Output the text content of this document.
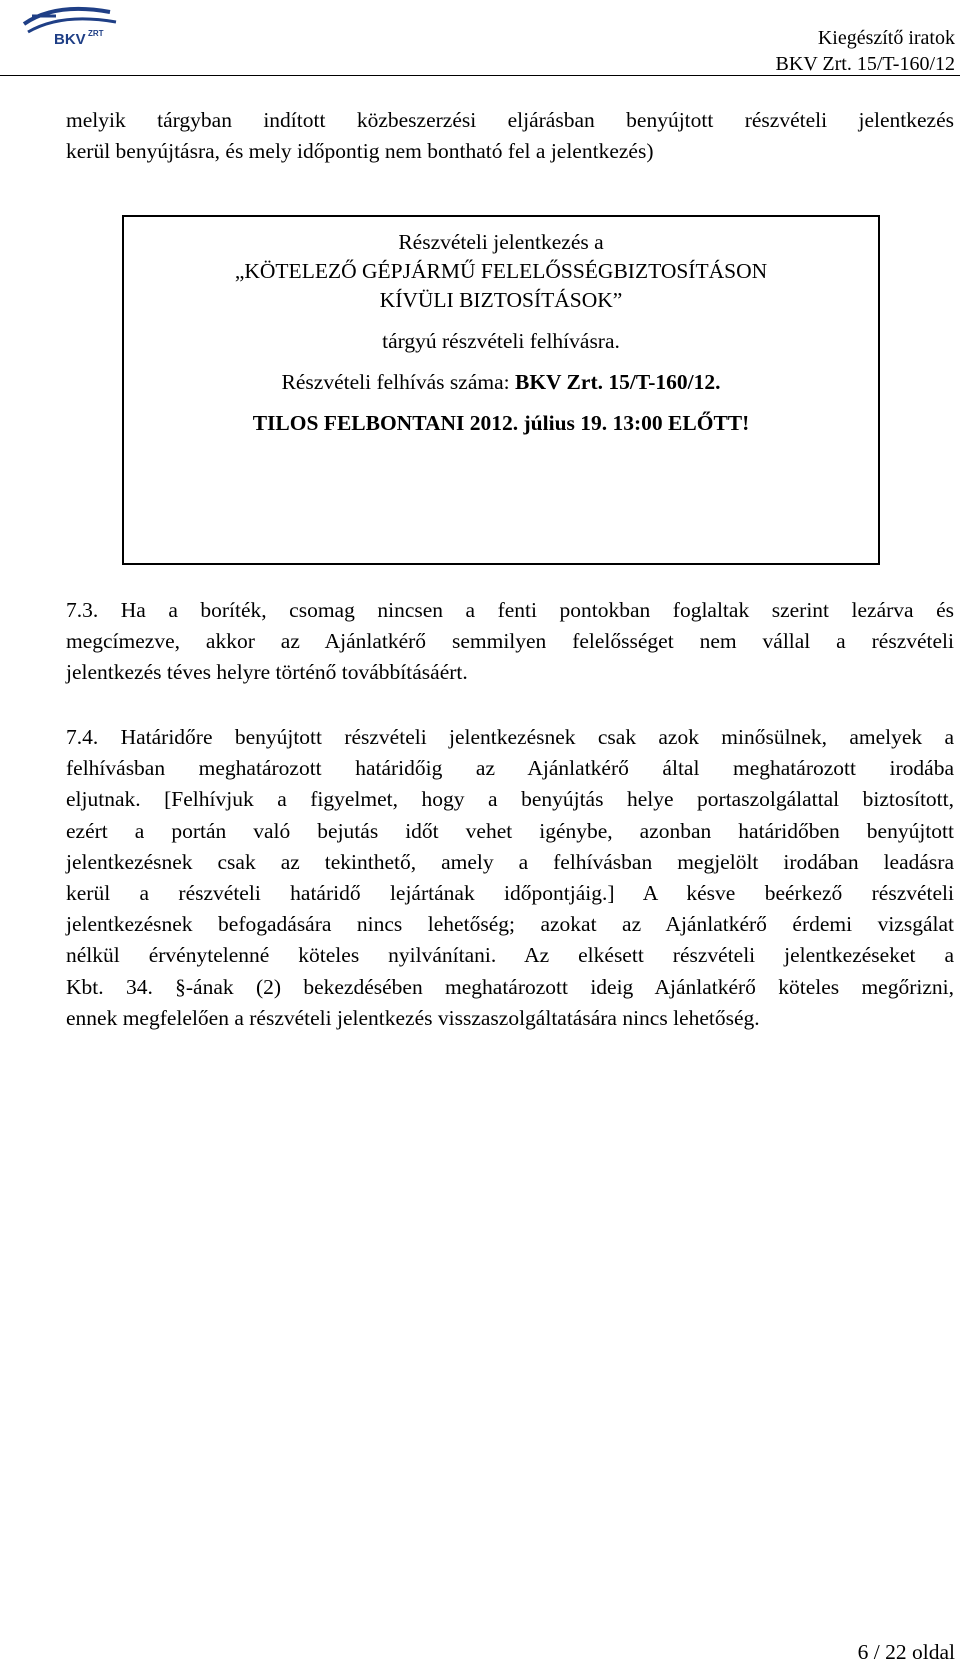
BKV ZRT	Kiegészítő iratok
BKV Zrt. 15/T-160/12
melyik tárgyban indított közbeszerzési eljárásban benyújtott részvételi jelentkezés
kerül benyújtásra, és mely időpontig nem bontható fel a jelentkezés)
Részvételi jelentkezés a
„KÖTELEZŐ GÉPJÁRMŰ FELELŐSSÉGBIZTOSÍTÁSON
KÍVÜLI BIZTOSÍTÁSOK”
tárgyú részvételi felhívásra.
Részvételi felhívás száma: BKV Zrt. 15/T-160/12.
TILOS FELBONTANI 2012. július 19. 13:00 ELŐTT!
7.3. Ha a boríték, csomag nincsen a fenti pontokban foglaltak szerint lezárva és
megcímezve, akkor az Ajánlatkérő semmilyen felelősséget nem vállal a részvételi
jelentkezés téves helyre történő továbbításáért.
7.4. Határidőre benyújtott részvételi jelentkezésnek csak azok minősülnek, amelyek a
felhívásban meghatározott határidőig az Ajánlatkérő által meghatározott irodába
eljutnak. [Felhívjuk a figyelmet, hogy a benyújtás helye portaszolgálattal biztosított,
ezért a portán való bejutás időt vehet igénybe, azonban határidőben benyújtott
jelentkezésnek csak az tekinthető, amely a felhívásban megjelölt irodában leadásra
kerül a részvételi határidő lejártának időpontjáig.] A késve beérkező részvételi
jelentkezésnek befogadására nincs lehetőség; azokat az Ajánlatkérő érdemi vizsgálat
nélkül érvénytelenné köteles nyilvánítani. Az elkésett részvételi jelentkezéseket a
Kbt. 34. §-ának (2) bekezdésében meghatározott ideig Ajánlatkérő köteles megőrizni,
ennek megfelelően a részvételi jelentkezés visszaszolgáltatására nincs lehetőség.
6 / 22 oldal
